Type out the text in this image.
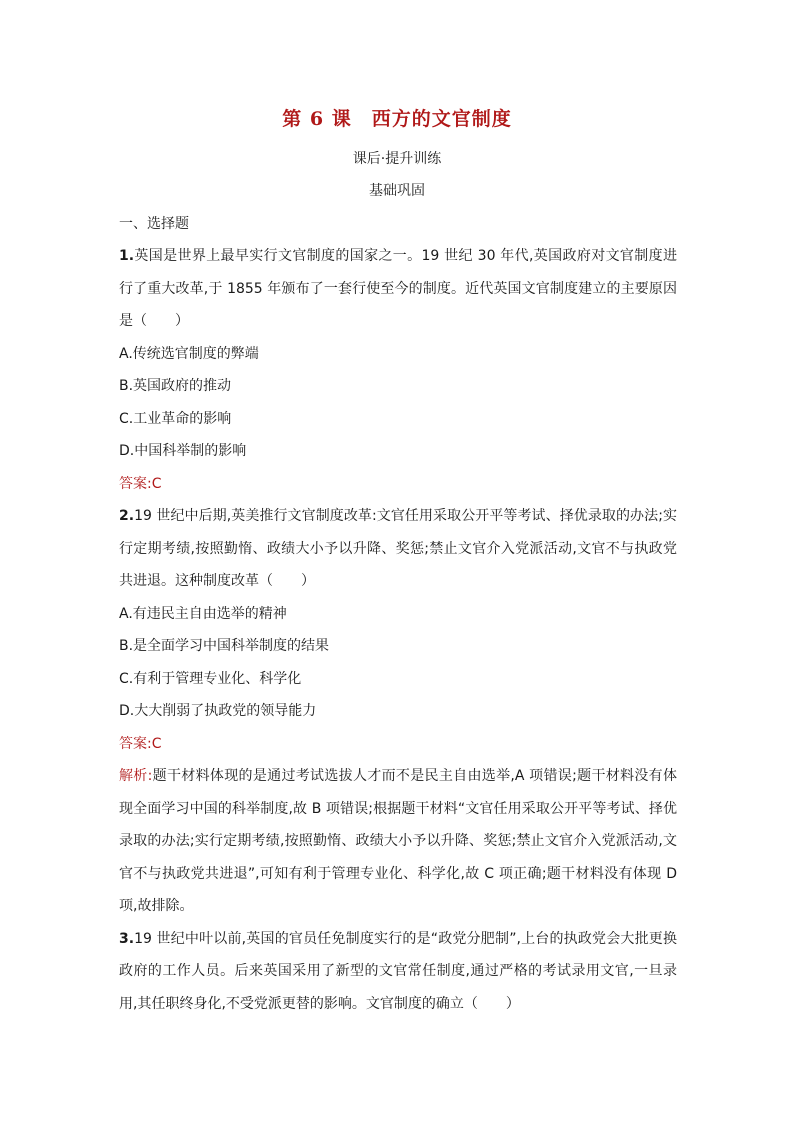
第 6 课　西方的文官制度
课后·提升训练
基础巩固
一、选择题

1.英国是世界上最早实行文官制度的国家之一。19 世纪 30 年代,英国政府对文官制度进行了重大改革,于 1855 年颁布了一套行使至今的制度。近代英国文官制度建立的主要原因是（　　）

A.传统选官制度的弊端

B.英国政府的推动

C.工业革命的影响

D.中国科举制的影响

答案:C

2.19 世纪中后期,英美推行文官制度改革:文官任用采取公开平等考试、择优录取的办法;实行定期考绩,按照勤惰、政绩大小予以升降、奖惩;禁止文官介入党派活动,文官不与执政党共进退。这种制度改革（　　）

A.有违民主自由选举的精神

B.是全面学习中国科举制度的结果

C.有利于管理专业化、科学化

D.大大削弱了执政党的领导能力

答案:C

解析:题干材料体现的是通过考试选拔人才而不是民主自由选举,A 项错误;题干材料没有体现全面学习中国的科举制度,故 B 项错误;根据题干材料“文官任用采取公开平等考试、择优录取的办法;实行定期考绩,按照勤惰、政绩大小予以升降、奖惩;禁止文官介入党派活动,文官不与执政党共进退”,可知有利于管理专业化、科学化,故 C 项正确;题干材料没有体现 D 项,故排除。

3.19 世纪中叶以前,英国的官员任免制度实行的是“政党分肥制”,上台的执政党会大批更换政府的工作人员。后来英国采用了新型的文官常任制度,通过严格的考试录用文官,一旦录用,其任职终身化,不受党派更替的影响。文官制度的确立（　　）
